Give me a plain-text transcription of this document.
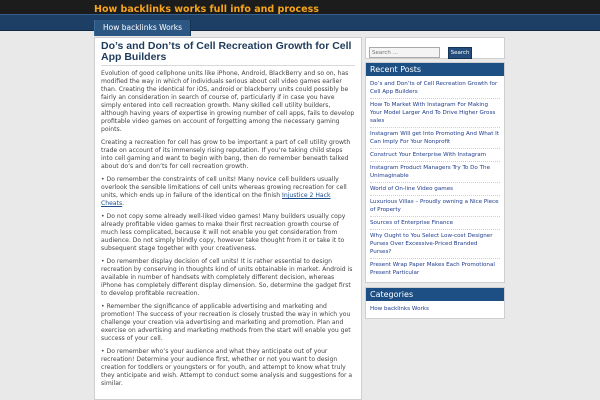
How backlinks works full info and process
How backlinks Works
Do’s and Don’ts of Cell Recreation Growth for Cell App Builders

Evolution of good cellphone units like iPhone, Android, BlackBerry and so on, has modified the way in which of individuals serious about cell video games earlier than. Creating the identical for iOS, android or blackberry units could possibly be fairly an consideration in search of course of, particularly if in case you have simply entered into cell recreation growth. Many skilled cell utility builders, although having years of expertise in growing number of cell apps, fails to develop profitable video games on account of forgetting among the necessary gaming points.

Creating a recreation for cell has grow to be important a part of cell utility growth trade on account of its immensely rising reputation. If you’re taking child steps into cell gaming and want to begin with bang, then do remember beneath talked about do’s and don’ts for cell recreation growth.

• Do remember the constraints of cell units! Many novice cell builders usually overlook the sensible limitations of cell units whereas growing recreation for cell units, which ends up in failure of the identical on the finish Injustice 2 Hack Cheats.

• Do not copy some already well-liked video games! Many builders usually copy already profitable video games to make their first recreation growth course of much less complicated, because it will not enable you get consideration from audience. Do not simply blindly copy, however take thought from it or take it to subsequent stage together with your creativeness.

• Do remember display decision of cell units! It is rather essential to design recreation by conserving in thoughts kind of units obtainable in market. Android is available in number of handsets with completely different decision, whereas iPhone has completely different display dimension. So, determine the gadget first to develop profitable recreation.

• Remember the significance of applicable advertising and marketing and promotion! The success of your recreation is closely trusted the way in which you challenge your creation via advertising and marketing and promotion. Plan and exercise on advertising and marketing methods from the start will enable you get success of your cell.

• Do remember who’s your audience and what they anticipate out of your recreation! Determine your audience first, whether or not you want to design creation for toddlers or youngsters or for youth, and attempt to know what truly they anticipate and wish. Attempt to conduct some analysis and suggestions for a similar.

Search ... Search
Recent Posts
Do’s and Don’ts of Cell Recreation Growth for Cell App Builders
How To Market With Instagram For Making Your Model Larger And To Drive Higher Gross sales
Instagram Will get Into Promoting And What It Can Imply For Your Nonprofit
Construct Your Enterprise With Instagram
Instagram Product Managers Try To Do The Unimaginable
World of On-line Video games
Luxurious Villas – Proudly owning a Nice Piece of Property
Sources of Enterprise Finance
Why Ought to You Select Low-cost Designer Purses Over Excessive-Priced Branded Purses?
Present Wrap Paper Makes Each Promotional Present Particular
Categories
How backlinks Works
